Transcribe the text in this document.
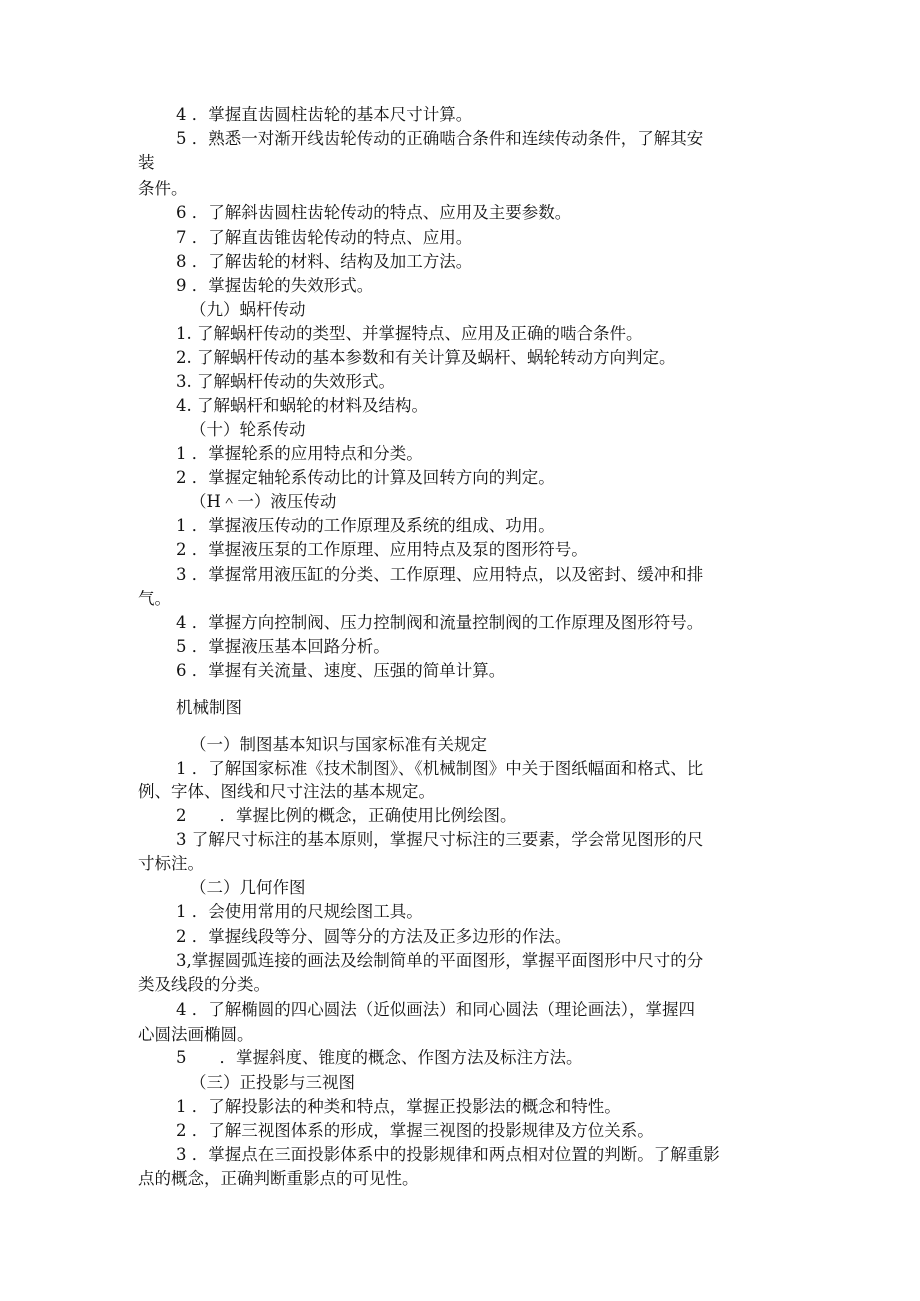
4 ．掌握直齿圆柱齿轮的基本尺寸计算。
5 ．熟悉一对渐开线齿轮传动的正确啮合条件和连续传动条件，了解其安
装
条件。
6 ．了解斜齿圆柱齿轮传动的特点、应用及主要参数。
7 ．了解直齿锥齿轮传动的特点、应用。
8 ．了解齿轮的材料、结构及加工方法。
9 ．掌握齿轮的失效形式。
（九）蜗杆传动
1. 了解蜗杆传动的类型、并掌握特点、应用及正确的啮合条件。
2. 了解蜗杆传动的基本参数和有关计算及蜗杆、蜗轮转动方向判定。
3. 了解蜗杆传动的失效形式。
4. 了解蜗杆和蜗轮的材料及结构。
（十）轮系传动
1 ．掌握轮系的应用特点和分类。
2 ．掌握定轴轮系传动比的计算及回转方向的判定。
（H＾一）液压传动
1 ．掌握液压传动的工作原理及系统的组成、功用。
2 ．掌握液压泵的工作原理、应用特点及泵的图形符号。
3 ．掌握常用液压缸的分类、工作原理、应用特点，以及密封、缓冲和排
气。
4 ．掌握方向控制阀、压力控制阀和流量控制阀的工作原理及图形符号。
5 ．掌握液压基本回路分析。
6 ．掌握有关流量、速度、压强的简单计算。
机械制图
（一）制图基本知识与国家标准有关规定
1 ．了解国家标准《技术制图》、《机械制图》中关于图纸幅面和格式、比
例、字体、图线和尺寸注法的基本规定。
2　　．掌握比例的概念，正确使用比例绘图。
3 了解尺寸标注的基本原则，掌握尺寸标注的三要素，学会常见图形的尺
寸标注。
（二）几何作图
1 ．会使用常用的尺规绘图工具。
2 ．掌握线段等分、圆等分的方法及正多边形的作法。
3,掌握圆弧连接的画法及绘制简单的平面图形，掌握平面图形中尺寸的分
类及线段的分类。
4 ．了解椭圆的四心圆法（近似画法）和同心圆法（理论画法），掌握四
心圆法画椭圆。
5　　．掌握斜度、锥度的概念、作图方法及标注方法。
（三）正投影与三视图
1 ．了解投影法的种类和特点，掌握正投影法的概念和特性。
2 ．了解三视图体系的形成，掌握三视图的投影规律及方位关系。
3 ．掌握点在三面投影体系中的投影规律和两点相对位置的判断。了解重影
点的概念，正确判断重影点的可见性。
